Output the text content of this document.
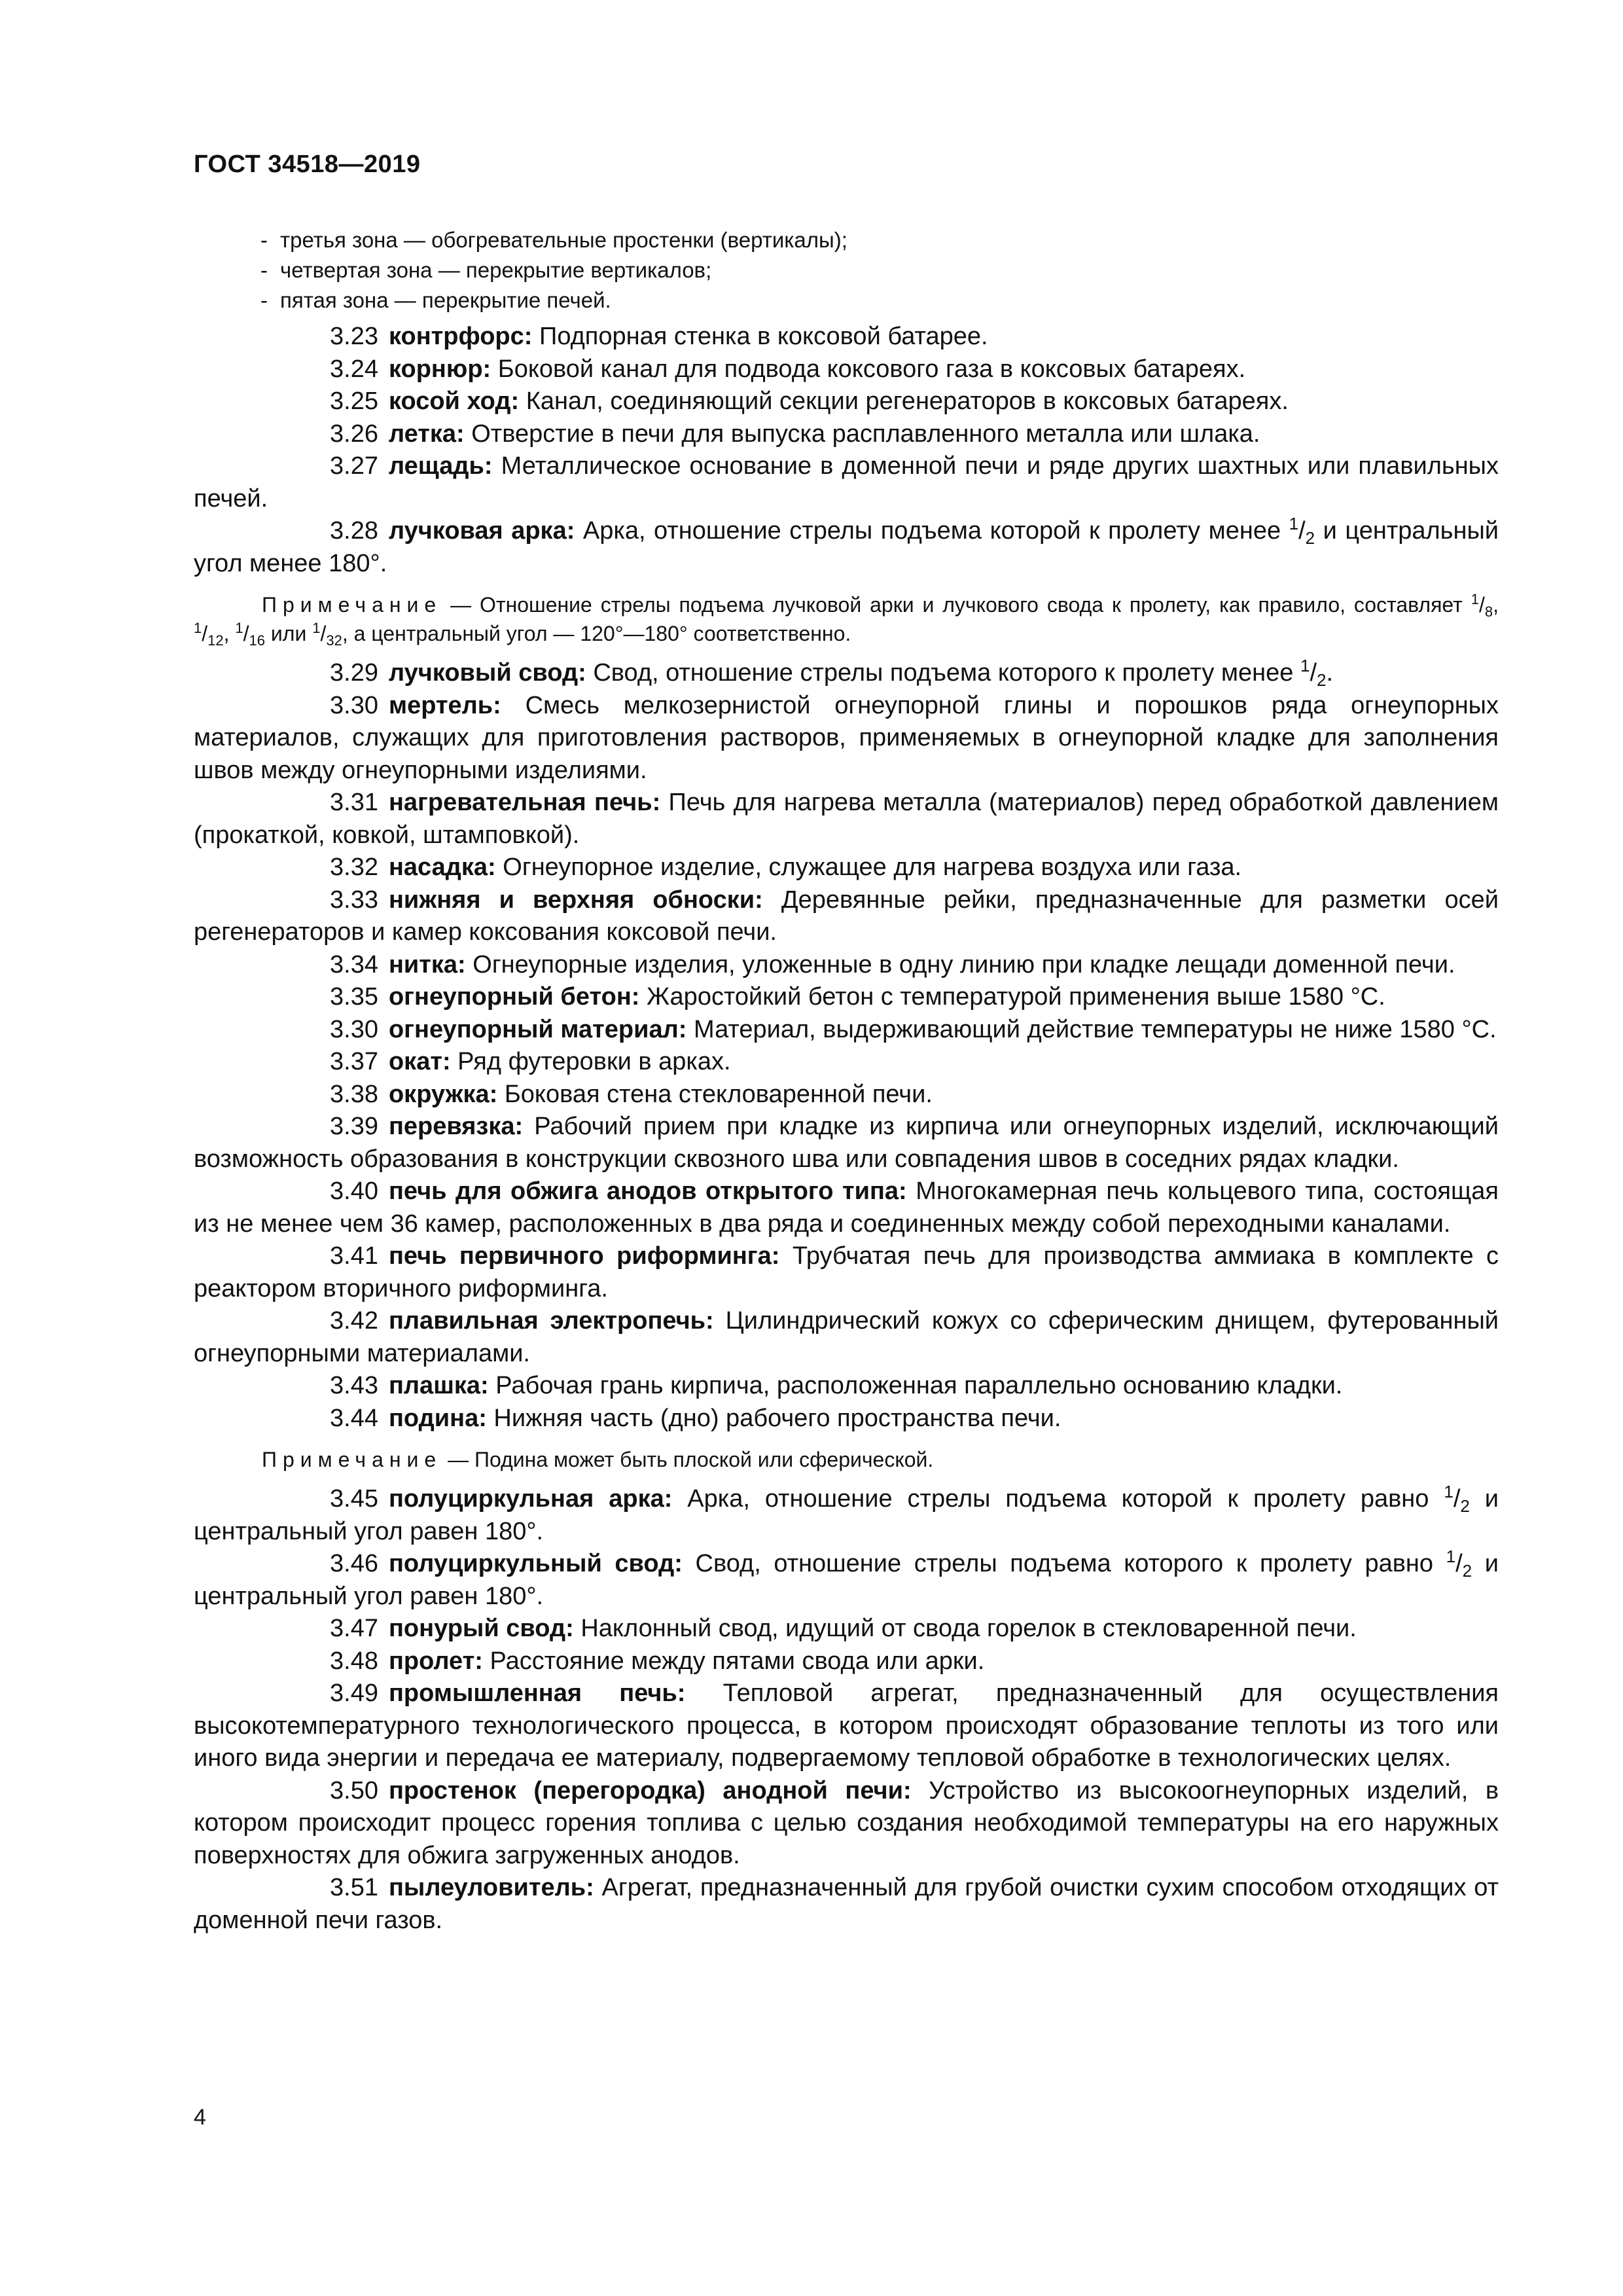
ГОСТ 34518—2019
- третья зона — обогревательные простенки (вертикалы);
- четвертая зона — перекрытие вертикалов;
- пятая зона — перекрытие печей.

3.23 контрфорс: Подпорная стенка в коксовой батарее.

3.24 корнюр: Боковой канал для подвода коксового газа в коксовых батареях.

3.25 косой ход: Канал, соединяющий секции регенераторов в коксовых батареях.

3.26 летка: Отверстие в печи для выпуска расплавленного металла или шлака.

3.27 лещадь: Металлическое основание в доменной печи и ряде других шахтных или плавильных печей.

3.28 лучковая арка: Арка, отношение стрелы подъема которой к пролету менее $^1/_2$ и центральный угол менее 180°.

Примечание — Отношение стрелы подъема лучковой арки и лучкового свода к пролету, как правило, составляет $^1/_8$, $^1/_{12}$, $^1/_{16}$ или $^1/_{32}$, а центральный угол — 120°—180° соответственно.

3.29 лучковый свод: Свод, отношение стрелы подъема которого к пролету менее $^1/_2$.

3.30 мертель: Смесь мелкозернистой огнеупорной глины и порошков ряда огнеупорных материалов, служащих для приготовления растворов, применяемых в огнеупорной кладке для заполнения швов между огнеупорными изделиями.

3.31 нагревательная печь: Печь для нагрева металла (материалов) перед обработкой давлением (прокаткой, ковкой, штамповкой).

3.32 насадка: Огнеупорное изделие, служащее для нагрева воздуха или газа.

3.33 нижняя и верхняя обноски: Деревянные рейки, предназначенные для разметки осей регенераторов и камер коксования коксовой печи.

3.34 нитка: Огнеупорные изделия, уложенные в одну линию при кладке лещади доменной печи.

3.35 огнеупорный бетон: Жаростойкий бетон с температурой применения выше 1580 °С.

3.30 огнеупорный материал: Материал, выдерживающий действие температуры не ниже 1580 °С.

3.37 окат: Ряд футеровки в арках.

3.38 окружка: Боковая стена стекловаренной печи.

3.39 перевязка: Рабочий прием при кладке из кирпича или огнеупорных изделий, исключающий возможность образования в конструкции сквозного шва или совпадения швов в соседних рядах кладки.

3.40 печь для обжига анодов открытого типа: Многокамерная печь кольцевого типа, состоящая из не менее чем 36 камер, расположенных в два ряда и соединенных между собой переходными каналами.

3.41 печь первичного риформинга: Трубчатая печь для производства аммиака в комплекте с реактором вторичного риформинга.

3.42 плавильная электропечь: Цилиндрический кожух со сферическим днищем, футерованный огнеупорными материалами.

3.43 плашка: Рабочая грань кирпича, расположенная параллельно основанию кладки.

3.44 подина: Нижняя часть (дно) рабочего пространства печи.

Примечание — Подина может быть плоской или сферической.

3.45 полуциркульная арка: Арка, отношение стрелы подъема которой к пролету равно $^1/_2$ и центральный угол равен 180°.

3.46 полуциркульный свод: Свод, отношение стрелы подъема которого к пролету равно $^1/_2$ и центральный угол равен 180°.

3.47 понурый свод: Наклонный свод, идущий от свода горелок в стекловаренной печи.

3.48 пролет: Расстояние между пятами свода или арки.

3.49 промышленная печь: Тепловой агрегат, предназначенный для осуществления высокотемпературного технологического процесса, в котором происходят образование теплоты из того или иного вида энергии и передача ее материалу, подвергаемому тепловой обработке в технологических целях.

3.50 простенок (перегородка) анодной печи: Устройство из высокоогнеупорных изделий, в котором происходит процесс горения топлива с целью создания необходимой температуры на его наружных поверхностях для обжига загруженных анодов.

3.51 пылеуловитель: Агрегат, предназначенный для грубой очистки сухим способом отходящих от доменной печи газов.

4
